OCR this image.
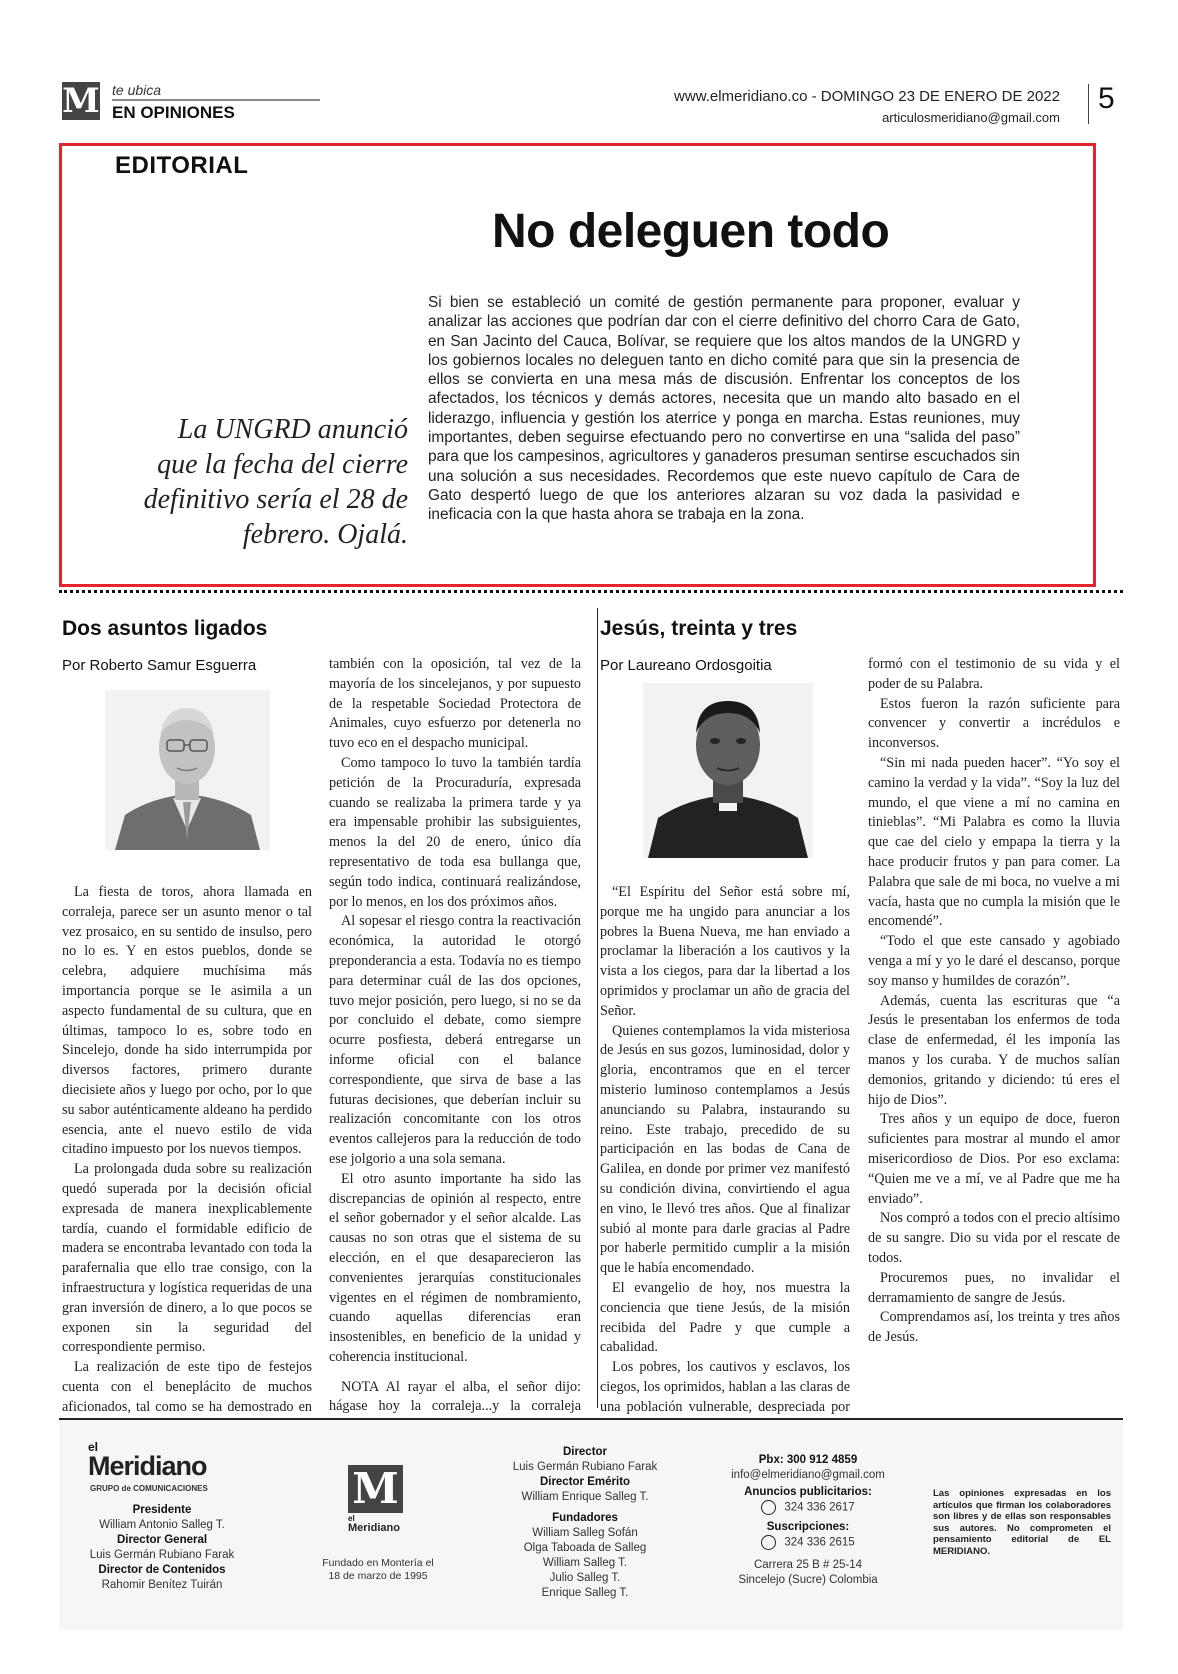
M te ubica
EN OPINIONES
www.elmeridiano.co - DOMINGO 23 DE ENERO DE 2022
articulosmeridiano@gmail.com
5
EDITORIAL
No deleguen todo
La UNGRD anunció que la fecha del cierre definitivo sería el 28 de febrero. Ojalá.
Si bien se estableció un comité de gestión permanente para proponer, evaluar y analizar las acciones que podrían dar con el cierre definitivo del chorro Cara de Gato, en San Jacinto del Cauca, Bolívar, se requiere que los altos mandos de la UNGRD y los gobiernos locales no deleguen tanto en dicho comité para que sin la presencia de ellos se convierta en una mesa más de discusión. Enfrentar los conceptos de los afectados, los técnicos y demás actores, necesita que un mando alto basado en el liderazgo, influencia y gestión los aterrice y ponga en marcha. Estas reuniones, muy importantes, deben seguirse efectuando pero no convertirse en una “salida del paso” para que los campesinos, agricultores y ganaderos presuman sentirse escuchados sin una solución a sus necesidades. Recordemos que este nuevo capítulo de Cara de Gato despertó luego de que los anteriores alzaran su voz dada la pasividad e ineficacia con la que hasta ahora se trabaja en la zona.
Dos asuntos ligados
Por Roberto Samur Esguerra

La fiesta de toros, ahora llamada en corraleja, parece ser un asunto menor o tal vez prosaico, en su sentido de insulso, pero no lo es. Y en estos pueblos, donde se celebra, adquiere muchísima más importancia porque se le asimila a un aspecto fundamental de su cultura, que en últimas, tampoco lo es, sobre todo en Sincelejo, donde ha sido interrumpida por diversos factores, primero durante diecisiete años y luego por ocho, por lo que su sabor auténticamente aldeano ha perdido esencia, ante el nuevo estilo de vida citadino impuesto por los nuevos tiempos.

La prolongada duda sobre su realización quedó superada por la decisión oficial expresada de manera inexplicablemente tardía, cuando el formidable edificio de madera se encontraba levantado con toda la parafernalia que ello trae consigo, con la infraestructura y logística requeridas de una gran inversión de dinero, a lo que pocos se exponen sin la seguridad del correspondiente permiso.

La realización de este tipo de festejos cuenta con el beneplácito de muchos aficionados, tal como se ha demostrado en

también con la oposición, tal vez de la mayoría de los sincelejanos, y por supuesto de la respetable Sociedad Protectora de Animales, cuyo esfuerzo por detenerla no tuvo eco en el despacho municipal.

Como tampoco lo tuvo la también tardía petición de la Procuraduría, expresada cuando se realizaba la primera tarde y ya era impensable prohibir las subsiguientes, menos la del 20 de enero, único día representativo de toda esa bullanga que, según todo indica, continuará realizándose, por lo menos, en los dos próximos años.

Al sopesar el riesgo contra la reactivación económica, la autoridad le otorgó preponderancia a esta. Todavía no es tiempo para determinar cuál de las dos opciones, tuvo mejor posición, pero luego, si no se da por concluido el debate, como siempre ocurre posfiesta, deberá entregarse un informe oficial con el balance correspondiente, que sirva de base a las futuras decisiones, que deberían incluir su realización concomitante con los otros eventos callejeros para la reducción de todo ese jolgorio a una sola semana.

El otro asunto importante ha sido las discrepancias de opinión al respecto, entre el señor gobernador y el señor alcalde. Las causas no son otras que el sistema de su elección, en el que desaparecieron las convenientes jerarquías constitucionales vigentes en el régimen de nombramiento, cuando aquellas diferencias eran insostenibles, en beneficio de la unidad y coherencia institucional.

NOTA Al rayar el alba, el señor dijo: hágase hoy la corraleja...y la corraleja

Jesús, treinta y tres
Por Laureano Ordosgoitia

“El Espíritu del Señor está sobre mí, porque me ha ungido para anunciar a los pobres la Buena Nueva, me han enviado a proclamar la liberación a los cautivos y la vista a los ciegos, para dar la libertad a los oprimidos y proclamar un año de gracia del Señor.

Quienes contemplamos la vida misteriosa de Jesús en sus gozos, luminosidad, dolor y gloria, encontramos que en el tercer misterio luminoso contemplamos a Jesús anunciando su Palabra, instaurando su reino. Este trabajo, precedido de su participación en las bodas de Cana de Galilea, en donde por primer vez manifestó su condición divina, convirtiendo el agua en vino, le llevó tres años. Que al finalizar subió al monte para darle gracias al Padre por haberle permitido cumplir a la misión que le había encomendado.

El evangelio de hoy, nos muestra la conciencia que tiene Jesús, de la misión recibida del Padre y que cumple a cabalidad.

Los pobres, los cautivos y esclavos, los ciegos, los oprimidos, hablan a las claras de una población vulnerable, despreciada por

formó con el testimonio de su vida y el poder de su Palabra.

Estos fueron la razón suficiente para convencer y convertir a incrédulos e inconversos.

“Sin mi nada pueden hacer”. “Yo soy el camino la verdad y la vida”. “Soy la luz del mundo, el que viene a mí no camina en tinieblas”. “Mi Palabra es como la lluvia que cae del cielo y empapa la tierra y la hace producir frutos y pan para comer. La Palabra que sale de mi boca, no vuelve a mi vacía, hasta que no cumpla la misión que le encomendé”.

“Todo el que este cansado y agobiado venga a mí y yo le daré el descanso, porque soy manso y humildes de corazón”.

Además, cuenta las escrituras que “a Jesús le presentaban los enfermos de toda clase de enfermedad, él les imponía las manos y los curaba. Y de muchos salían demonios, gritando y diciendo: tú eres el hijo de Dios”.

Tres años y un equipo de doce, fueron suficientes para mostrar al mundo el amor misericordioso de Dios. Por eso exclama: “Quien me ve a mí, ve al Padre que me ha enviado”.

Nos compró a todos con el precio altísimo de su sangre. Dio su vida por el rescate de todos.

Procuremos pues, no invalidar el derramamiento de sangre de Jesús.

Comprendamos así, los treinta y tres años de Jesús.

el
Meridiano
GRUPO de COMUNICACIONES
Presidente
William Antonio Salleg T.
Director General
Luis Germán Rubiano Farak
Director de Contenidos
Rahomir Benítez Tuirán
M
el
Meridiano
Fundado en Montería el 18 de marzo de 1995
Director
Luis Germán Rubiano Farak
Director Emérito
William Enrique Salleg T.
Fundadores
William Salleg Sofán
Olga Taboada de Salleg
William Salleg T.
Julio Salleg T.
Enrique Salleg T.
Pbx: 300 912 4859
info@elmeridiano@gmail.com
Anuncios publicitarios:
324 336 2617
Suscripciones:
324 336 2615
Carrera 25 B # 25-14
Sincelejo (Sucre) Colombia
Las opiniones expresadas en los artículos que firman los colaboradores son libres y de ellas son responsables sus autores. No comprometen el pensamiento editorial de EL MERIDIANO.
